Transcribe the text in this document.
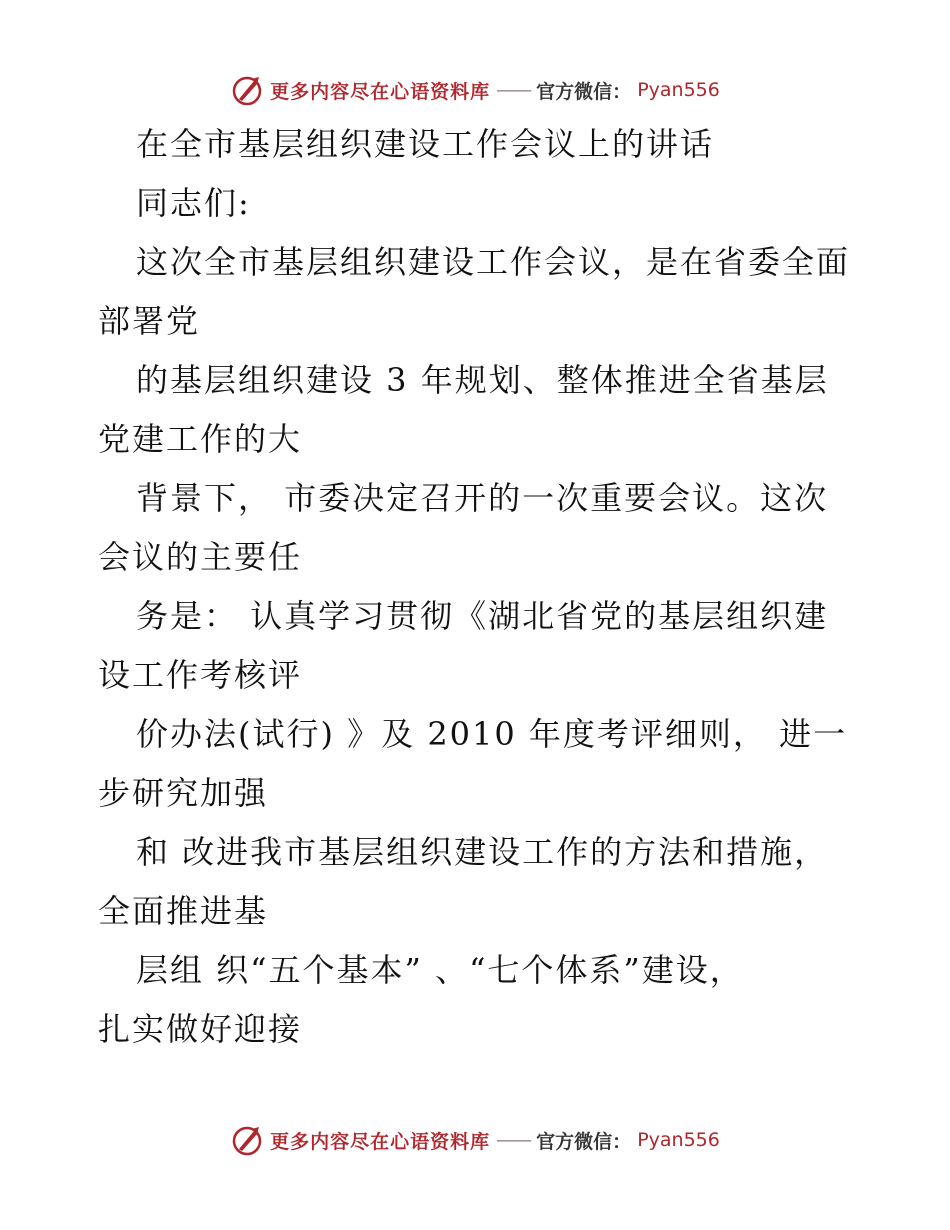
更多内容尽在心语资料库 —— 官方微信： Pyan556
在全市基层组织建设工作会议上的讲话
同志们:
这次全市基层组织建设工作会议，是在省委全面
部署党
的基层组织建设 3 年规划、整体推进全省基层
党建工作的大
背景下， 市委决定召开的一次重要会议。这次
会议的主要任
务是： 认真学习贯彻《湖北省党的基层组织建
设工作考核评
价办法(试行) 》及 2010 年度考评细则， 进一
步研究加强
和 改进我市基层组织建设工作的方法和措施，
全面推进基
层组 织“五个基本” 、“七个体系”建设，
扎实做好迎接
更多内容尽在心语资料库 —— 官方微信： Pyan556
